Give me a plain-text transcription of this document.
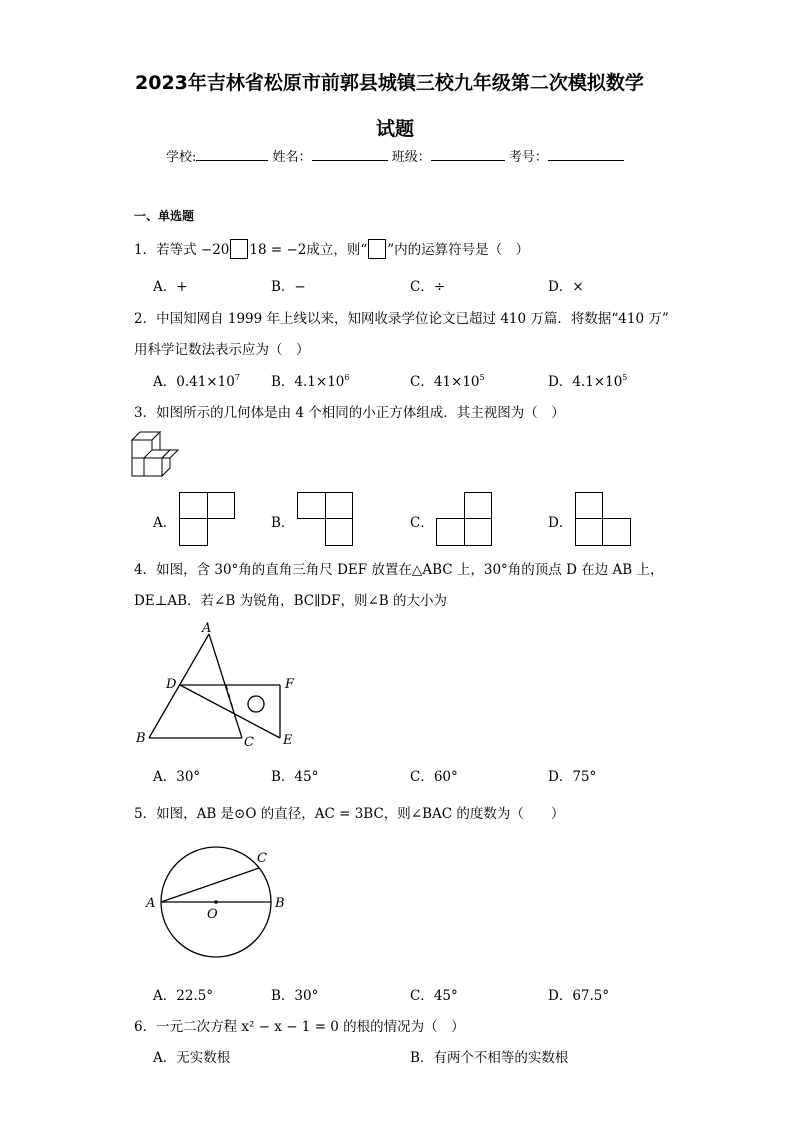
2023年吉林省松原市前郭县城镇三校九年级第二次模拟数学
试题
学校:	姓名：	班级：	考号：
一、单选题
1．若等式 −20 18 = −2成立，则“ ”内的运算符号是（　）
A．+	B．−	C．÷	D．×
2．中国知网自 1999 年上线以来，知网收录学位论文已超过 410 万篇．将数据“410 万”
用科学记数法表示应为（　）
A．$0.41\times 10^7$ B．$4.1\times 10^6$	C．$41\times 10^5$	D．$4.1\times 10^5$
3．如图所示的几何体是由 4 个相同的小正方体组成．其主视图为（　）
A．	B．	C．	D．
4．如图，含 30°角的直角三角尺 DEF 放置在△ABC 上，30°角的顶点 D 在边 AB 上，
DE⊥AB．若∠B 为锐角，BC∥DF，则∠B 的大小为
A
D	F
B	C E
A．30°	B．45°	C．60°	D．75°
5．如图，AB 是⊙O 的直径，AC = 3BC，则∠BAC 的度数为（　　）
A	B
C
O
A．22.5°	B．30°	C．45°	D．67.5°
6．一元二次方程 x² − x − 1 = 0 的根的情况为（　）
A．无实数根	B．有两个不相等的实数根
